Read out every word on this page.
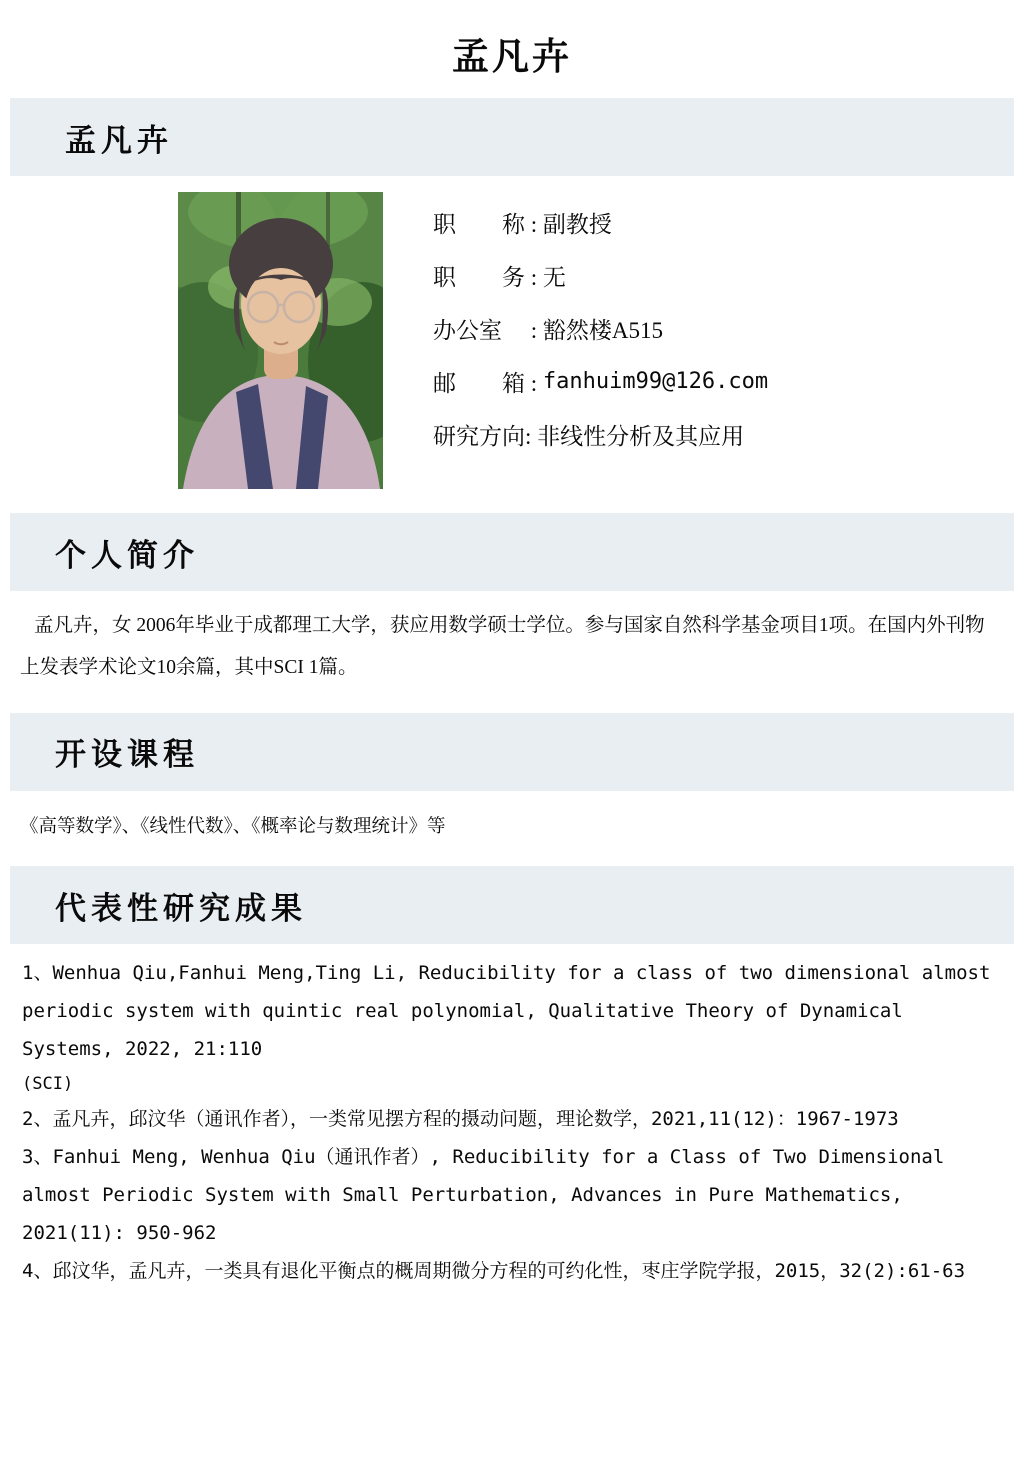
孟凡卉
孟凡卉
职　　称 : 副教授
职　　务 : 无
办公室　 : 豁然楼A515
邮　　箱 : fanhuim99@126.com
研究方向: 非线性分析及其应用
个人简介

孟凡卉，女 2006年毕业于成都理工大学，获应用数学硕士学位。参与国家自然科学基金项目1项。在国内外刊物上发表学术论文10余篇，其中SCI 1篇。

开设课程

《高等数学》、《线性代数》、《概率论与数理统计》等

代表性研究成果
1、Wenhua Qiu,Fanhui Meng,Ting Li, Reducibility for a class of two dimensional almost periodic system with quintic real polynomial, Qualitative Theory of Dynamical Systems, 2022, 21:110
(SCI)
2、孟凡卉，邱汶华（通讯作者），一类常见摆方程的摄动问题，理论数学，2021,11(12)：1967-1973
3、Fanhui Meng, Wenhua Qiu（通讯作者）, Reducibility for a Class of Two Dimensional almost Periodic System with Small Perturbation, Advances in Pure Mathematics, 2021(11): 950-962
4、邱汶华，孟凡卉，一类具有退化平衡点的概周期微分方程的可约化性，枣庄学院学报，2015，32(2):61-63
